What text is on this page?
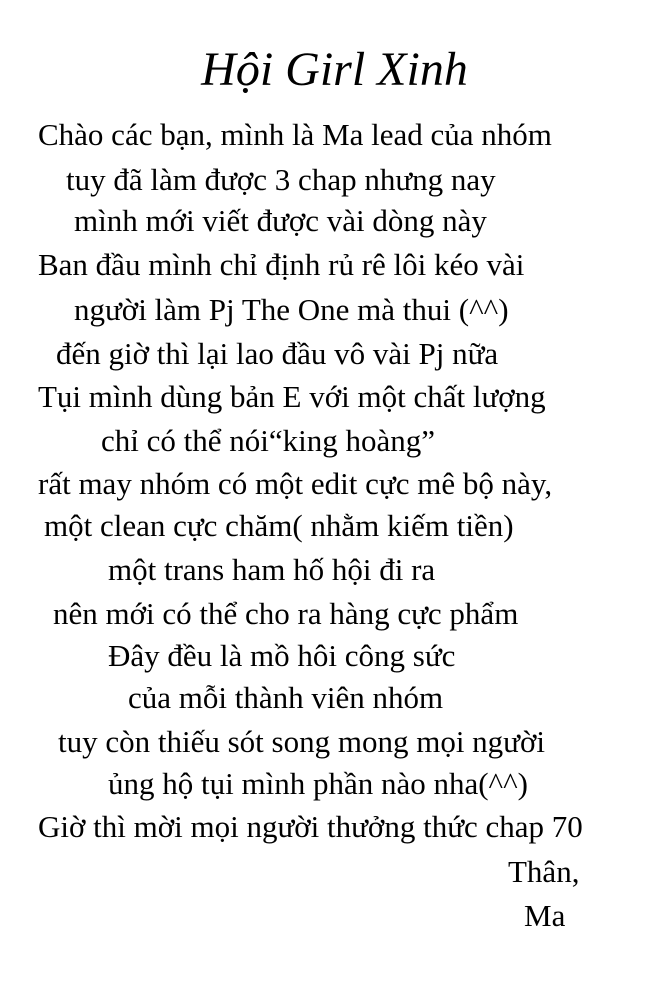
Hội Girl Xinh
Chào các bạn, mình là Ma lead của nhóm
tuy đã làm được 3 chap nhưng nay
mình mới viết được vài dòng này
Ban đầu mình chỉ định rủ rê lôi kéo vài
người làm Pj The One mà thui (^^)
đến giờ thì lại lao đầu vô vài Pj nữa
Tụi mình dùng bản E với một chất lượng
chỉ có thể nói“king hoàng”
rất may nhóm có một edit cực mê bộ này,
một clean cực chăm( nhằm kiếm tiền)
một trans ham hố hội đi ra
nên mới có thể cho ra hàng cực phẩm
Đây đều là mồ hôi công sức
của mỗi thành viên nhóm
tuy còn thiếu sót song mong mọi người
ủng hộ tụi mình phần nào nha(^^)
Giờ thì mời mọi người thưởng thức chap 70
Thân,
Ma
